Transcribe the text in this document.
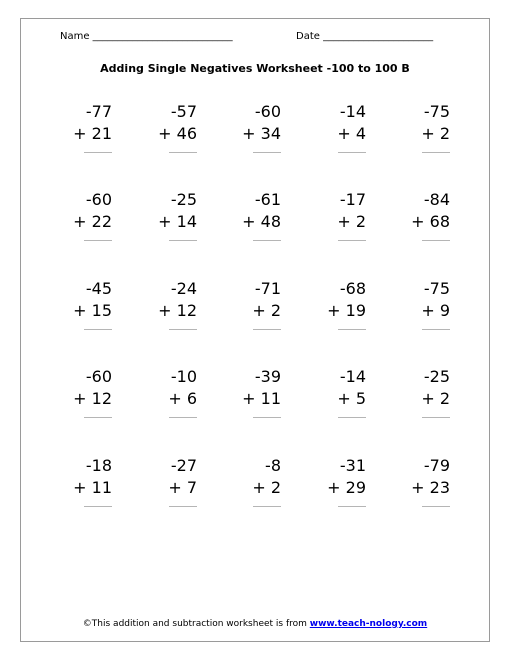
Name ____________________________	Date ______________________
Adding Single Negatives Worksheet -100 to 100 B
-77
+ 21
-57
+ 46
-60
+ 34
-14
+ 4
-75
+ 2
-60
+ 22
-25
+ 14
-61
+ 48
-17
+ 2
-84
+ 68
-45
+ 15
-24
+ 12
-71
+ 2
-68
+ 19
-75
+ 9
-60
+ 12
-10
+ 6
-39
+ 11
-14
+ 5
-25
+ 2
-18
+ 11
-27
+ 7
-8
+ 2
-31
+ 29
-79
+ 23
©This addition and subtraction worksheet is from www.teach-nology.com
